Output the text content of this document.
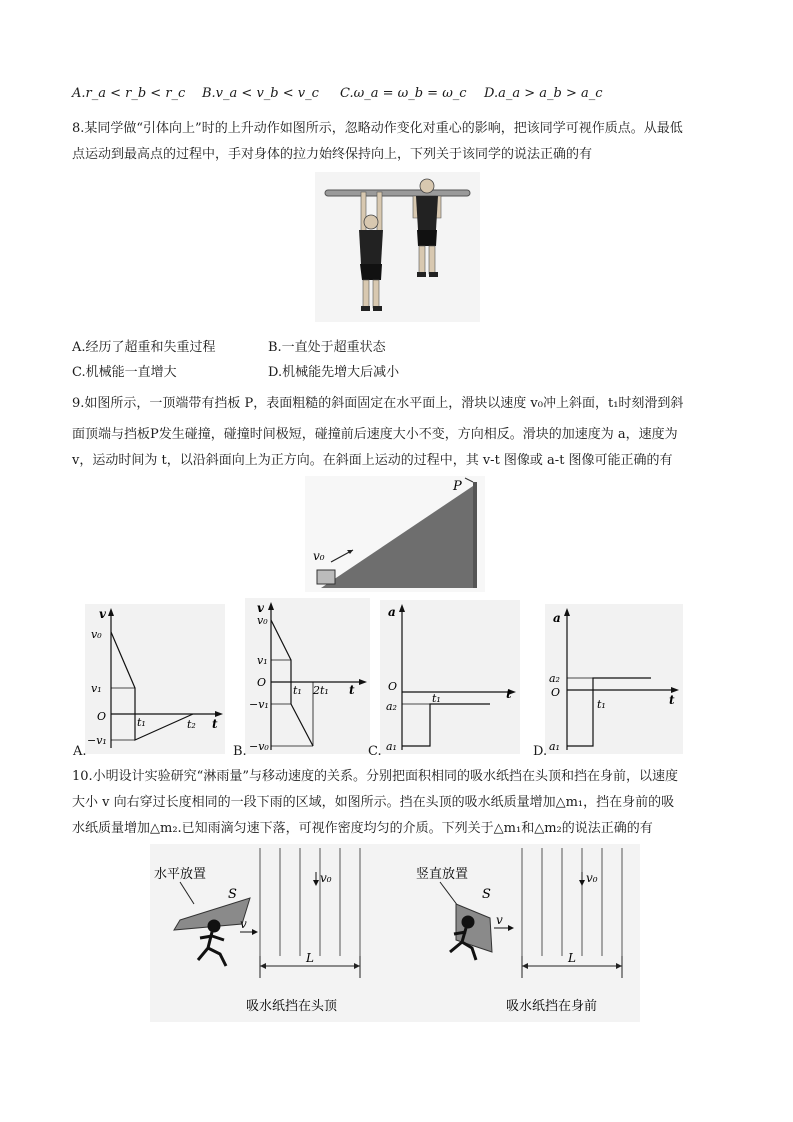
A.r_a < r_b < r_c B.v_a < v_b < v_c C.ω_a = ω_b = ω_c D.a_a > a_b > a_c
8.某同学做“引体向上”时的上升动作如图所示，忽略动作变化对重心的影响，把该同学可视作质点。从最低
点运动到最高点的过程中，手对身体的拉力始终保持向上，下列关于该同学的说法正确的有
A.经历了超重和失重过程	B.一直处于超重状态
C.机械能一直增大	D.机械能先增大后减小
9.如图所示，一顶端带有挡板 P，表面粗糙的斜面固定在水平面上，滑块以速度 v₀冲上斜面，t₁时刻滑到斜
面顶端与挡板P发生碰撞，碰撞时间极短，碰撞前后速度大小不变，方向相反。滑块的加速度为 a，速度为
v，运动时间为 t，以沿斜面向上为正方向。在斜面上运动的过程中，其 v-t 图像或 a-t 图像可能正确的有
P
v₀
v
t
v₀
v₁
O
−v₁
t₁	t₂
A.
v
t
v₀
v₁
O
−v₁
−v₀
t₁ 2t₁
B.
a
t
O
a₂
a₁
t₁
C.
a
t
a₂
O
a₁
t₁
D.
10.小明设计实验研究“淋雨量”与移动速度的关系。分别把面积相同的吸水纸挡在头顶和挡在身前，以速度
大小 v 向右穿过长度相同的一段下雨的区域，如图所示。挡在头顶的吸水纸质量增加△m₁，挡在身前的吸
水纸质量增加△m₂.已知雨滴匀速下落，可视作密度均匀的介质。下列关于△m₁和△m₂的说法正确的有
水平放置
S
v
v₀
L
吸水纸挡在头顶
竖直放置
S
v
v₀
L
吸水纸挡在身前
